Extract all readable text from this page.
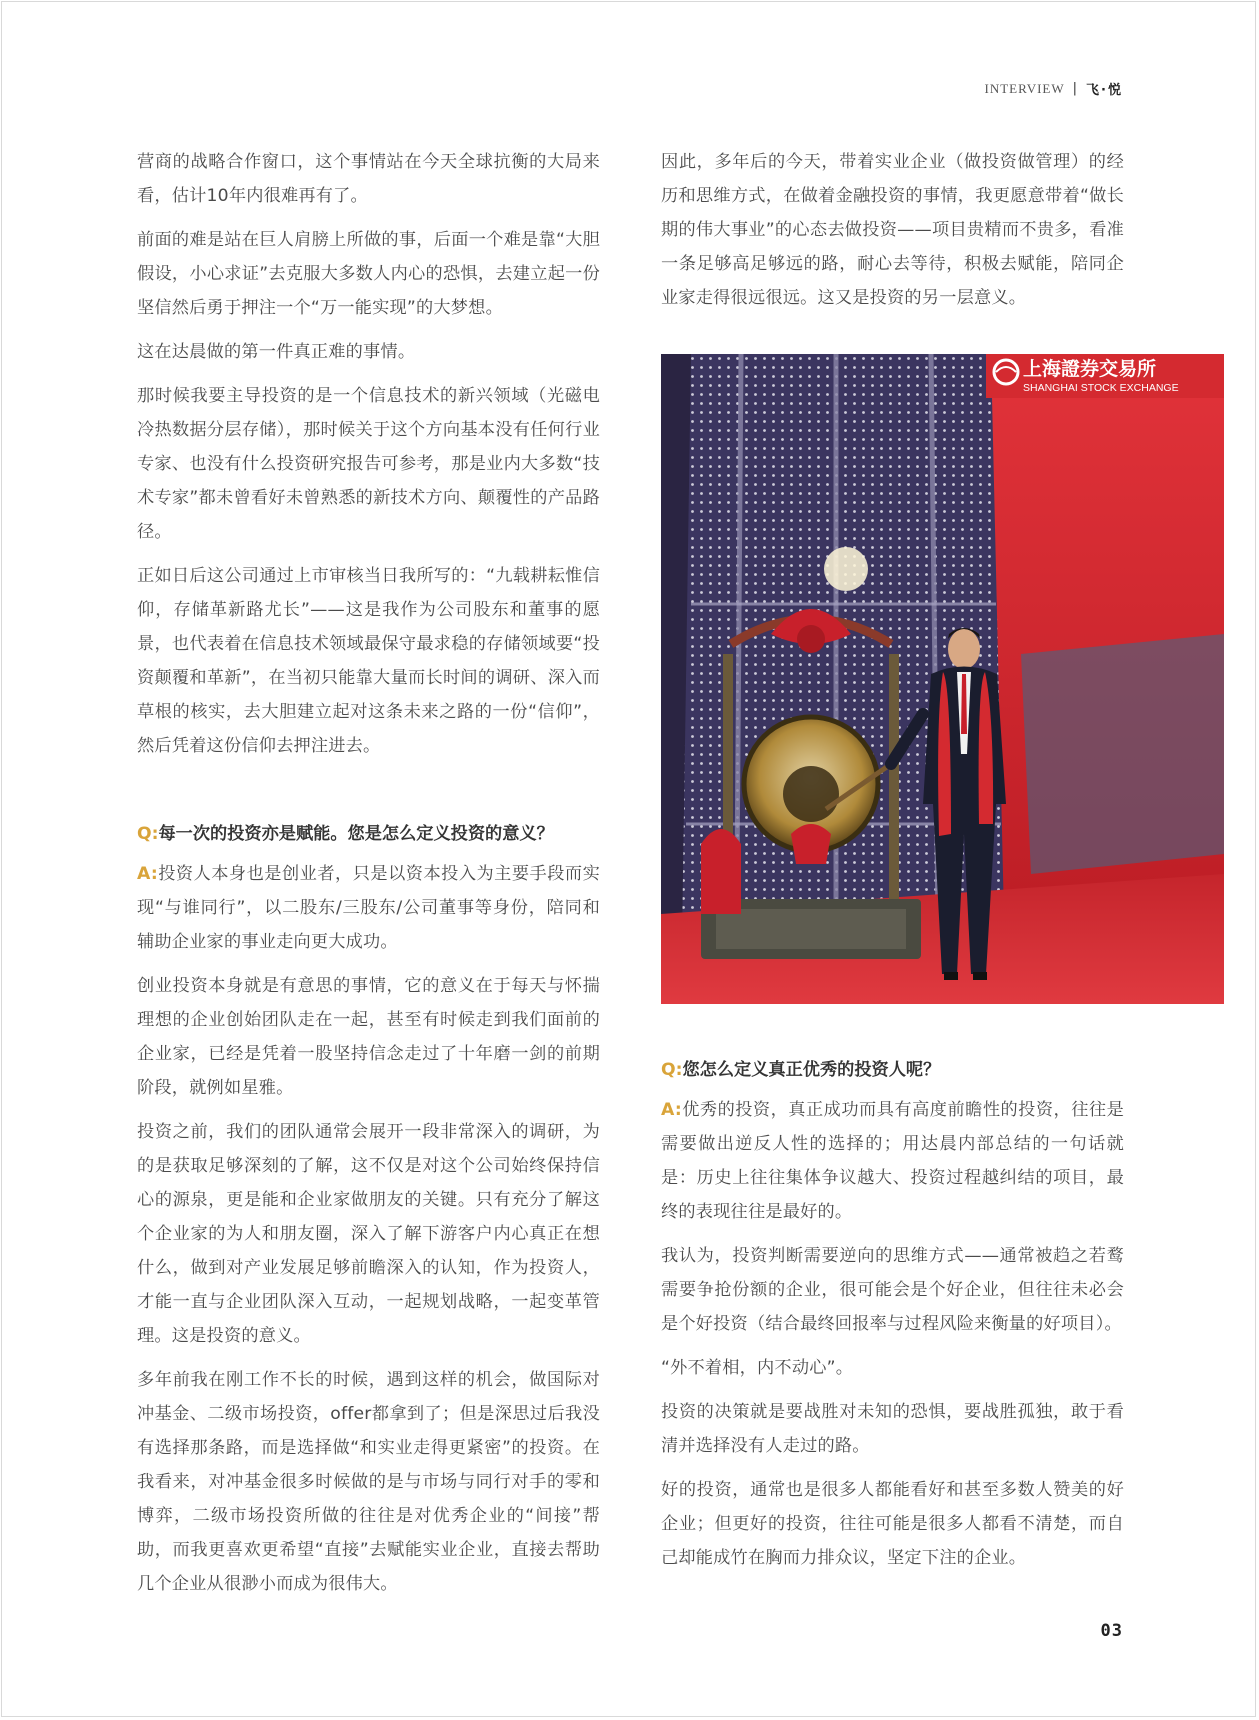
INTERVIEW | 飞·悦

营商的战略合作窗口，这个事情站在今天全球抗衡的大局来看，估计10年内很难再有了。

前面的难是站在巨人肩膀上所做的事，后面一个难是靠“大胆假设，小心求证”去克服大多数人内心的恐惧，去建立起一份坚信然后勇于押注一个“万一能实现”的大梦想。

这在达晨做的第一件真正难的事情。

那时候我要主导投资的是一个信息技术的新兴领域（光磁电冷热数据分层存储），那时候关于这个方向基本没有任何行业专家、也没有什么投资研究报告可参考，那是业内大多数“技术专家”都未曾看好未曾熟悉的新技术方向、颠覆性的产品路径。

正如日后这公司通过上市审核当日我所写的：“九载耕耘惟信仰，存储革新路尤长”——这是我作为公司股东和董事的愿景，也代表着在信息技术领域最保守最求稳的存储领域要“投资颠覆和革新”，在当初只能靠大量而长时间的调研、深入而草根的核实，去大胆建立起对这条未来之路的一份“信仰”，然后凭着这份信仰去押注进去。

Q:每一次的投资亦是赋能。您是怎么定义投资的意义？

A:投资人本身也是创业者，只是以资本投入为主要手段而实现“与谁同行”，以二股东/三股东/公司董事等身份，陪同和辅助企业家的事业走向更大成功。

创业投资本身就是有意思的事情，它的意义在于每天与怀揣理想的企业创始团队走在一起，甚至有时候走到我们面前的企业家，已经是凭着一股坚持信念走过了十年磨一剑的前期阶段，就例如星雅。

投资之前，我们的团队通常会展开一段非常深入的调研，为的是获取足够深刻的了解，这不仅是对这个公司始终保持信心的源泉，更是能和企业家做朋友的关键。只有充分了解这个企业家的为人和朋友圈，深入了解下游客户内心真正在想什么，做到对产业发展足够前瞻深入的认知，作为投资人，才能一直与企业团队深入互动，一起规划战略，一起变革管理。这是投资的意义。

多年前我在刚工作不长的时候，遇到这样的机会，做国际对冲基金、二级市场投资，offer都拿到了；但是深思过后我没有选择那条路，而是选择做“和实业走得更紧密”的投资。在我看来，对冲基金很多时候做的是与市场与同行对手的零和博弈，二级市场投资所做的往往是对优秀企业的“间接”帮助，而我更喜欢更希望“直接”去赋能实业企业，直接去帮助几个企业从很渺小而成为很伟大。

因此，多年后的今天，带着实业企业（做投资做管理）的经历和思维方式，在做着金融投资的事情，我更愿意带着“做长期的伟大事业”的心态去做投资——项目贵精而不贵多，看准一条足够高足够远的路，耐心去等待，积极去赋能，陪同企业家走得很远很远。这又是投资的另一层意义。

上海證券交易所
SHANGHAI STOCK EXCHANGE

Q:您怎么定义真正优秀的投资人呢？

A:优秀的投资，真正成功而具有高度前瞻性的投资，往往是需要做出逆反人性的选择的；用达晨内部总结的一句话就是：历史上往往集体争议越大、投资过程越纠结的项目，最终的表现往往是最好的。

我认为，投资判断需要逆向的思维方式——通常被趋之若鹜需要争抢份额的企业，很可能会是个好企业，但往往未必会是个好投资（结合最终回报率与过程风险来衡量的好项目）。

“外不着相，内不动心”。

投资的决策就是要战胜对未知的恐惧，要战胜孤独，敢于看清并选择没有人走过的路。

好的投资，通常也是很多人都能看好和甚至多数人赞美的好企业；但更好的投资，往往可能是很多人都看不清楚，而自己却能成竹在胸而力排众议，坚定下注的企业。

03
